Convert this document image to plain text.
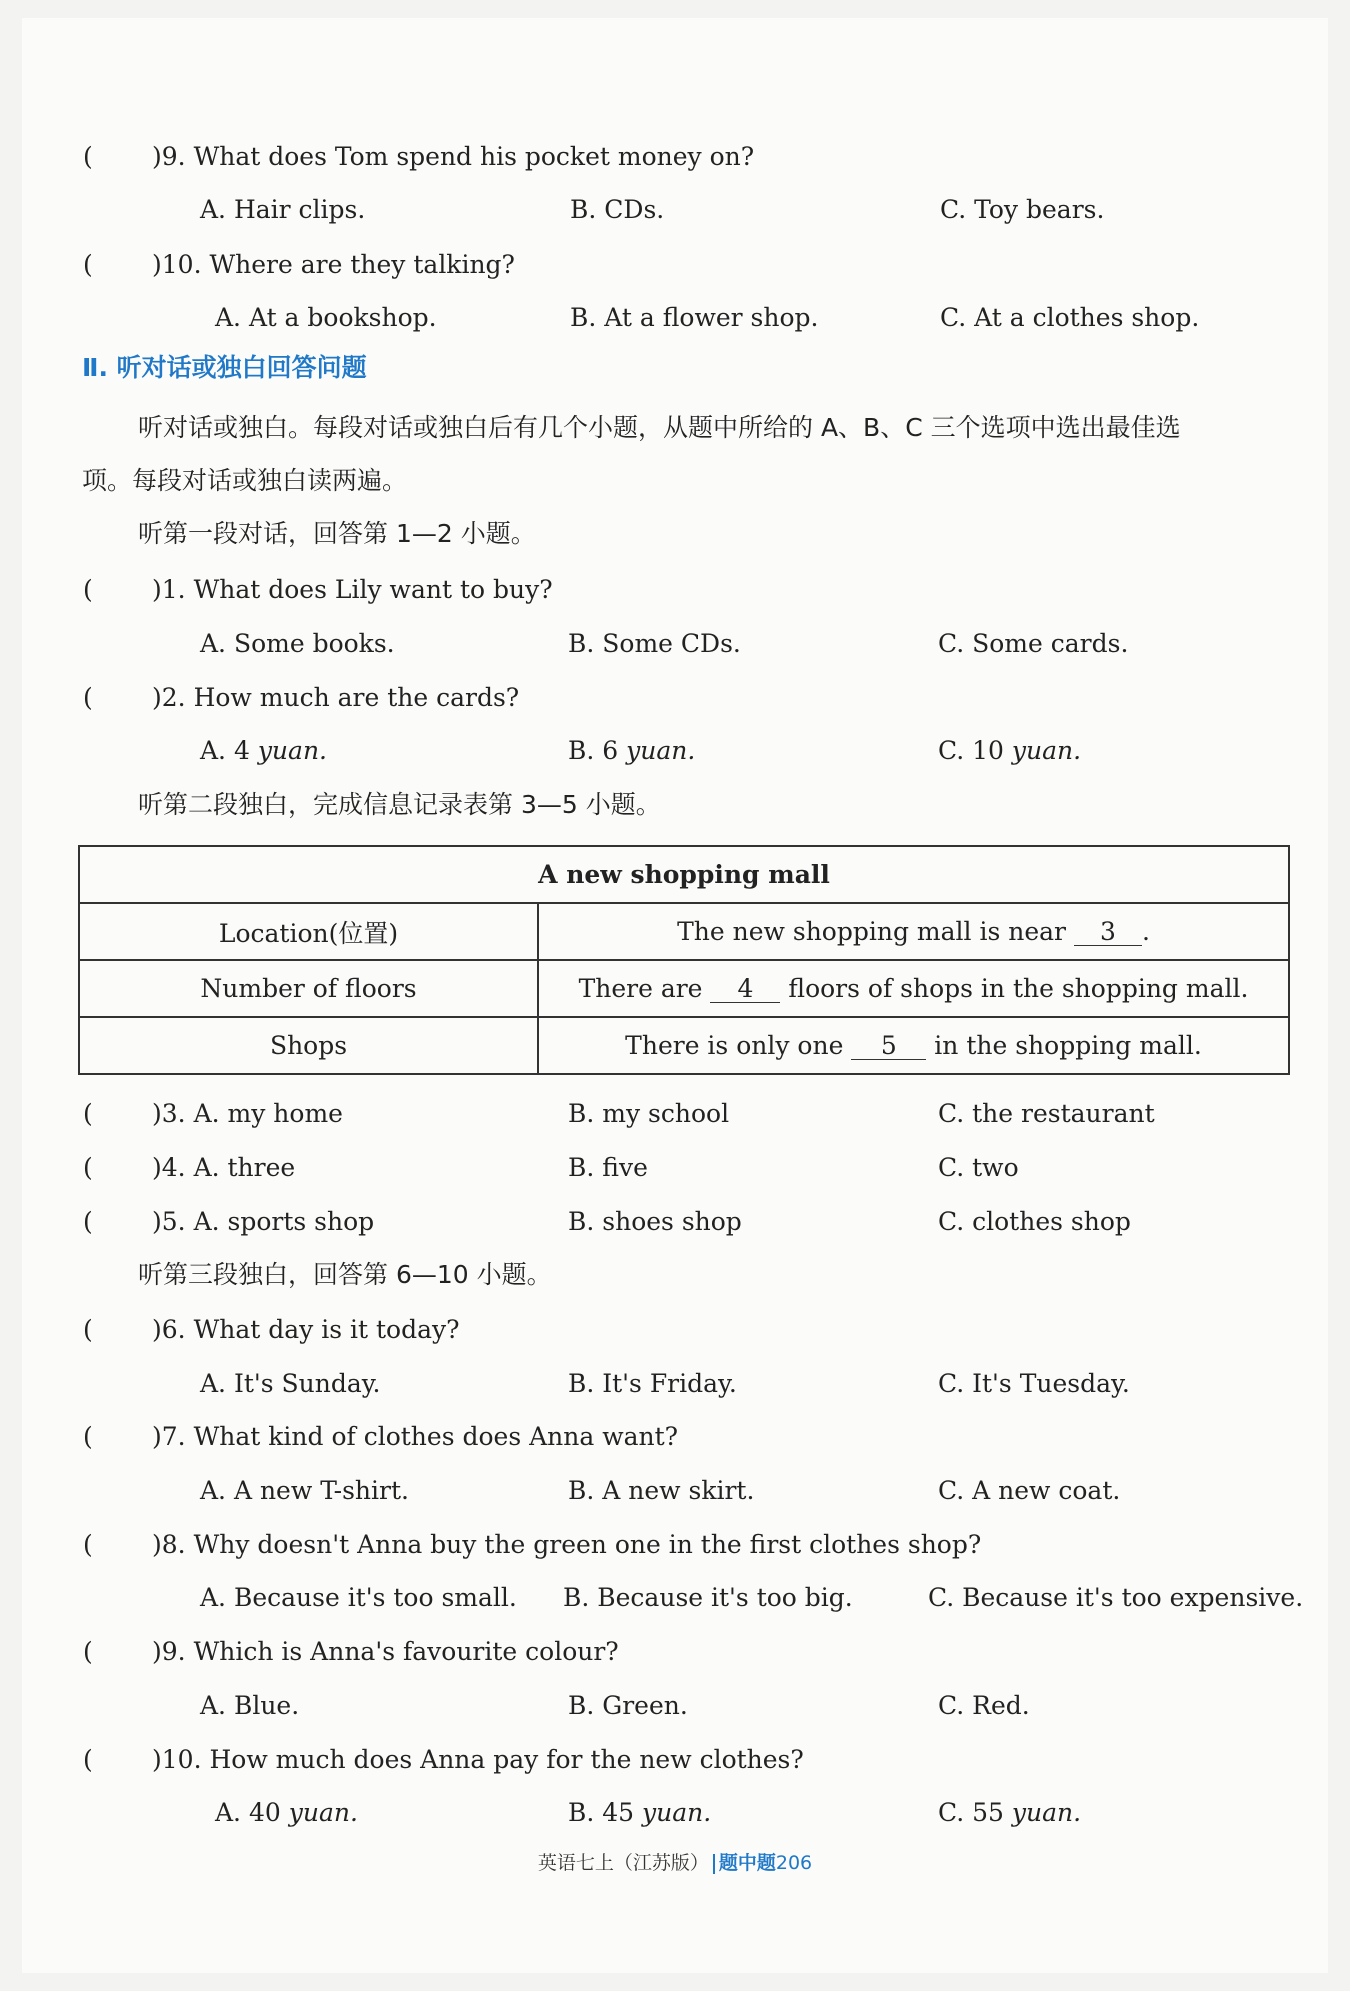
( )9. What does Tom spend his pocket money on?
A. Hair clips.	B. CDs.	C. Toy bears.
( )10. Where are they talking?
A. At a bookshop.	B. At a flower shop.	C. At a clothes shop.
Ⅱ. 听对话或独白回答问题
听对话或独白。每段对话或独白后有几个小题，从题中所给的 A、B、C 三个选项中选出最佳选
项。每段对话或独白读两遍。
听第一段对话，回答第 1—2 小题。
( )1. What does Lily want to buy?
A. Some books.	B. Some CDs.	C. Some cards.
( )2. How much are the cards?
A. 4 yuan.	B. 6 yuan.	C. 10 yuan.
听第二段独白，完成信息记录表第 3—5 小题。
A new shopping mall	
Location(位置)	The new shopping mall is near 3 .
Number of floors	There are 4 floors of shops in the shopping mall.
Shops	There is only one 5 in the shopping mall.
( )3. A. my home	B. my school	C. the restaurant
( )4. A. three	B. five	C. two
( )5. A. sports shop	B. shoes shop	C. clothes shop
听第三段独白，回答第 6—10 小题。
( )6. What day is it today?
A. It's Sunday.	B. It's Friday.	C. It's Tuesday.
( )7. What kind of clothes does Anna want?
A. A new T-shirt.	B. A new skirt.	C. A new coat.
( )8. Why doesn't Anna buy the green one in the first clothes shop?
A. Because it's too small. B. Because it's too big.	C. Because it's too expensive.
( )9. Which is Anna's favourite colour?
A. Blue.	B. Green.	C. Red.
( )10. How much does Anna pay for the new clothes?
A. 40 yuan.	B. 45 yuan.	C. 55 yuan.
英语七上（江苏版） 题中题206
